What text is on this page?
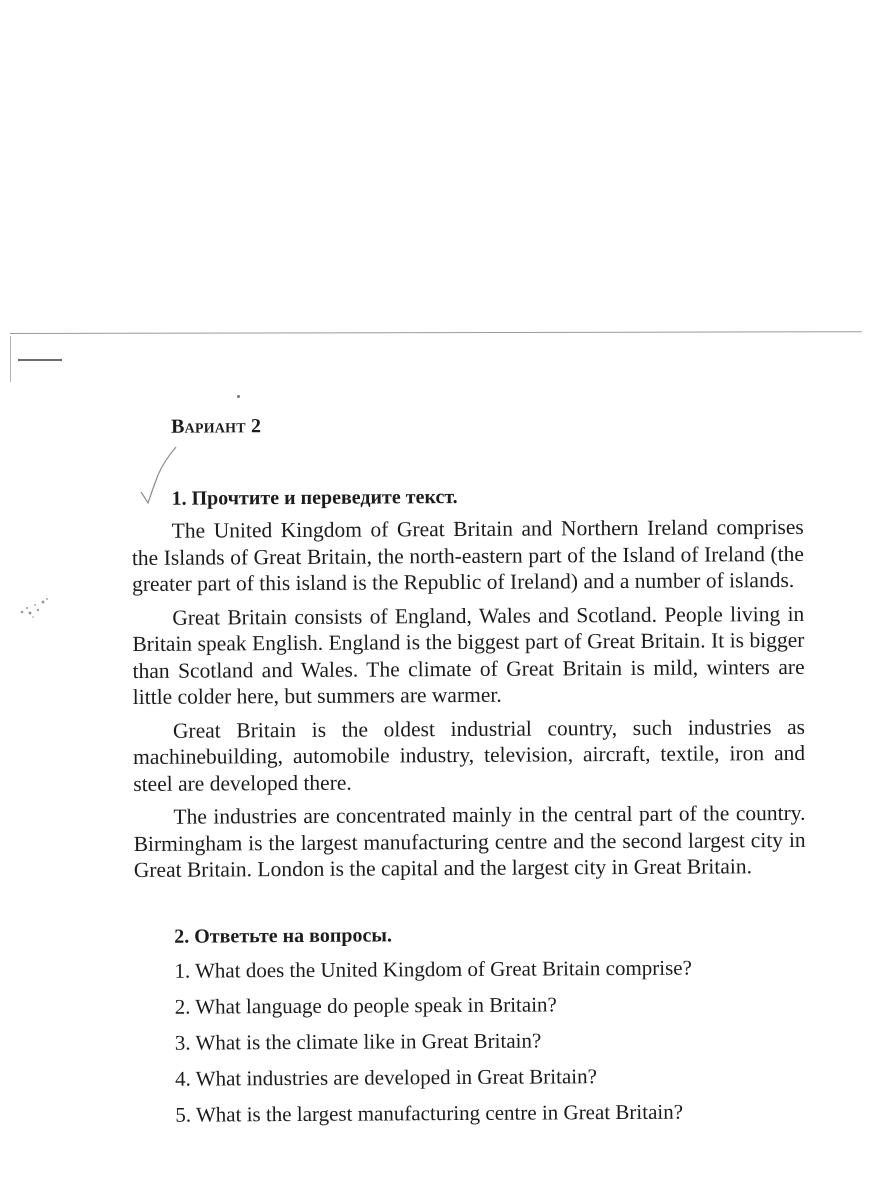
Вариант 2
1. Прочтите и переведите текст.

The United Kingdom of Great Britain and Northern Ireland comprises the Islands of Great Britain, the north-eastern part of the Island of Ireland (the greater part of this island is the Republic of Ireland) and a number of islands.

Great Britain consists of England, Wales and Scotland. People living in Britain speak English. England is the biggest part of Great Britain. It is bigger than Scotland and Wales. The climate of Great Britain is mild, winters are little colder here, but summers are warmer.

Great Britain is the oldest industrial country, such industries as machinebuilding, automobile industry, television, aircraft, textile, iron and steel are developed there.

The industries are concentrated mainly in the central part of the country. Birmingham is the largest manufacturing centre and the second largest city in Great Britain. London is the capital and the largest city in Great Britain.

2. Ответьте на вопросы.
1. What does the United Kingdom of Great Britain comprise?
2. What language do people speak in Britain?
3. What is the climate like in Great Britain?
4. What industries are developed in Great Britain?
5. What is the largest manufacturing centre in Great Britain?
